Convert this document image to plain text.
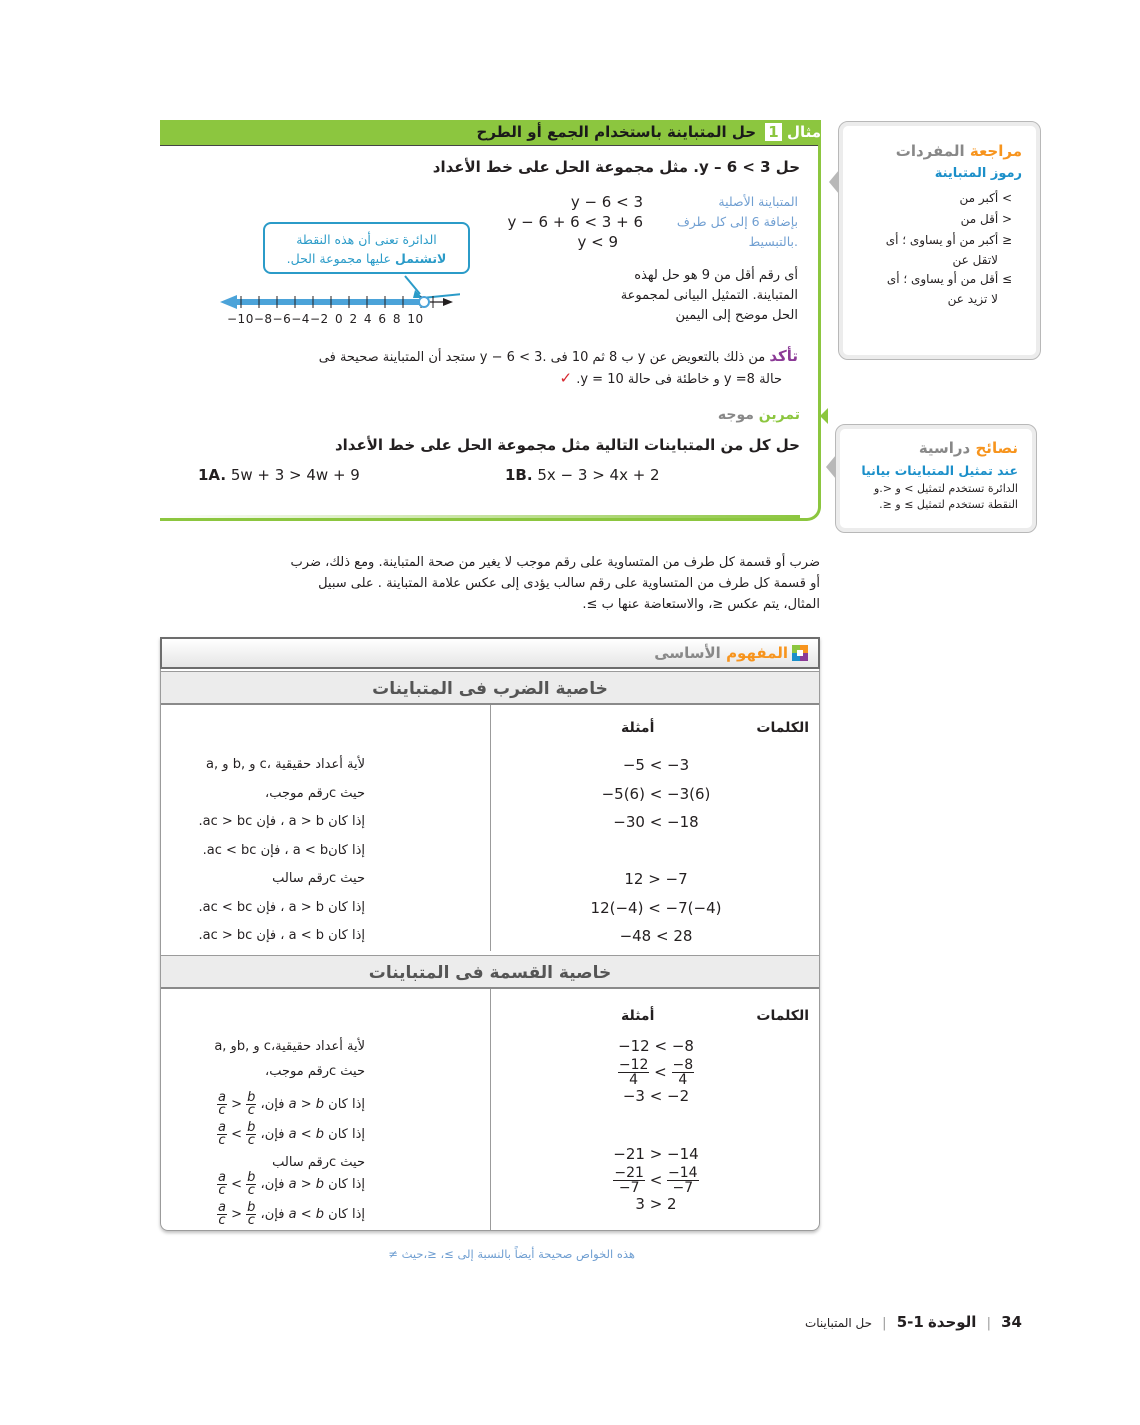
مثال 1 حل المتباينة باستخدام الجمع أو الطرح
حل 3 > 6 – y. مثل مجموعة الحل على خط الأعداد
y − 6 < 3
y − 6 + 6 < 3 + 6
y < 9
المتباينة الأصلية
بإضافة 6 إلى كل طرف
.بالتبسيط
أى رقم أقل من 9 هو حل لهذه
المتباينة. التمثيل البيانى لمجموعة
الحل موضح إلى اليمين
تأكد من ذلك بالتعويض عن y ب 8 ثم 10 فى .3 > 6 − y ستجد أن المتباينة صحيحة فى
حالة 8= y و خاطئة فى حالة 10 = y. ✓
تمرين موجه
حل كل من المتباينات التالية مثل مجموعة الحل على خط الأعداد
1A. 5w + 3 > 4w + 9	1B. 5x − 3 > 4x + 2
الدائرة تعنى أن هذه النقطة
لاتشتمل عليها مجموعة الحل.
−10−8−6−4−2 0 2 4 6 8 10
مراجعة المفردات
رموز المتباينة
< أكبر من
> أقل من
≥ أكبر من أو يساوى ؛ أى
لاتقل عن
≤ أقل من أو يساوى ؛ أى
لا تزيد عن
نصائح دراسية
عند تمثيل المتباينات بيانيا
الدائرة تستخدم لتمثيل > و <.و
النقطة تستخدم لتمثيل ≥ و ≤.
ضرب أو قسمة كل طرف من المتساوية على رقم موجب لا يغير من صحة المتباينة. ومع ذلك، ضرب
أو قسمة كل طرف من المتساوية على رقم سالب يؤدى إلى عكس علامة المتباينة . على سبيل
المثال، يتم عكس ≤، والاستعاضة عنها ب ≥.
المفهوم الأساسى
خاصية الضرب فى المتباينات
الكلمات
أمثلة
لأية أعداد حقيقية ،c و ,b و ,a
حيث cرقم موجب،
إذا كان a > b ، فإن ac > bc.
إذا كانa < b ، فإن ac < bc.
حيث cرقم سالب
إذا كان a > b ، فإن ac < bc.
إذا كان a < b ، فإن ac > bc.
−5 < −3
−5(6) < −3(6)
−30 < −18
12 > −7
12(−4) < −7(−4)
−48 < 28
خاصية القسمة فى المتباينات
الكلمات
أمثلة
لأية أعداد حقيقية،c و ,bو ,a
حيث cرقم موجب،
إذا كان a > b فإن،
$\frac{a}{c} > \frac{b}{c}$
إذا كان a < b فإن،
$\frac{a}{c} < \frac{b}{c}$
حيث cرقم سالب
إذا كان a > b فإن،
$\frac{a}{c} < \frac{b}{c}$
إذا كان a < b فإن،
$\frac{a}{c} > \frac{b}{c}$
−12 < −8
$\frac{-12}{4} < \frac{-8}{4}$
−3 < −2
−21 > −14
$\frac{-21}{-7} < \frac{-14}{-7}$
3 > 2
هذه الخواص صحيحة أيضاً بالنسبة إلى ≥، ≤،حيث ≠
34 | الوحدة 5-1 | حل المتباينات
